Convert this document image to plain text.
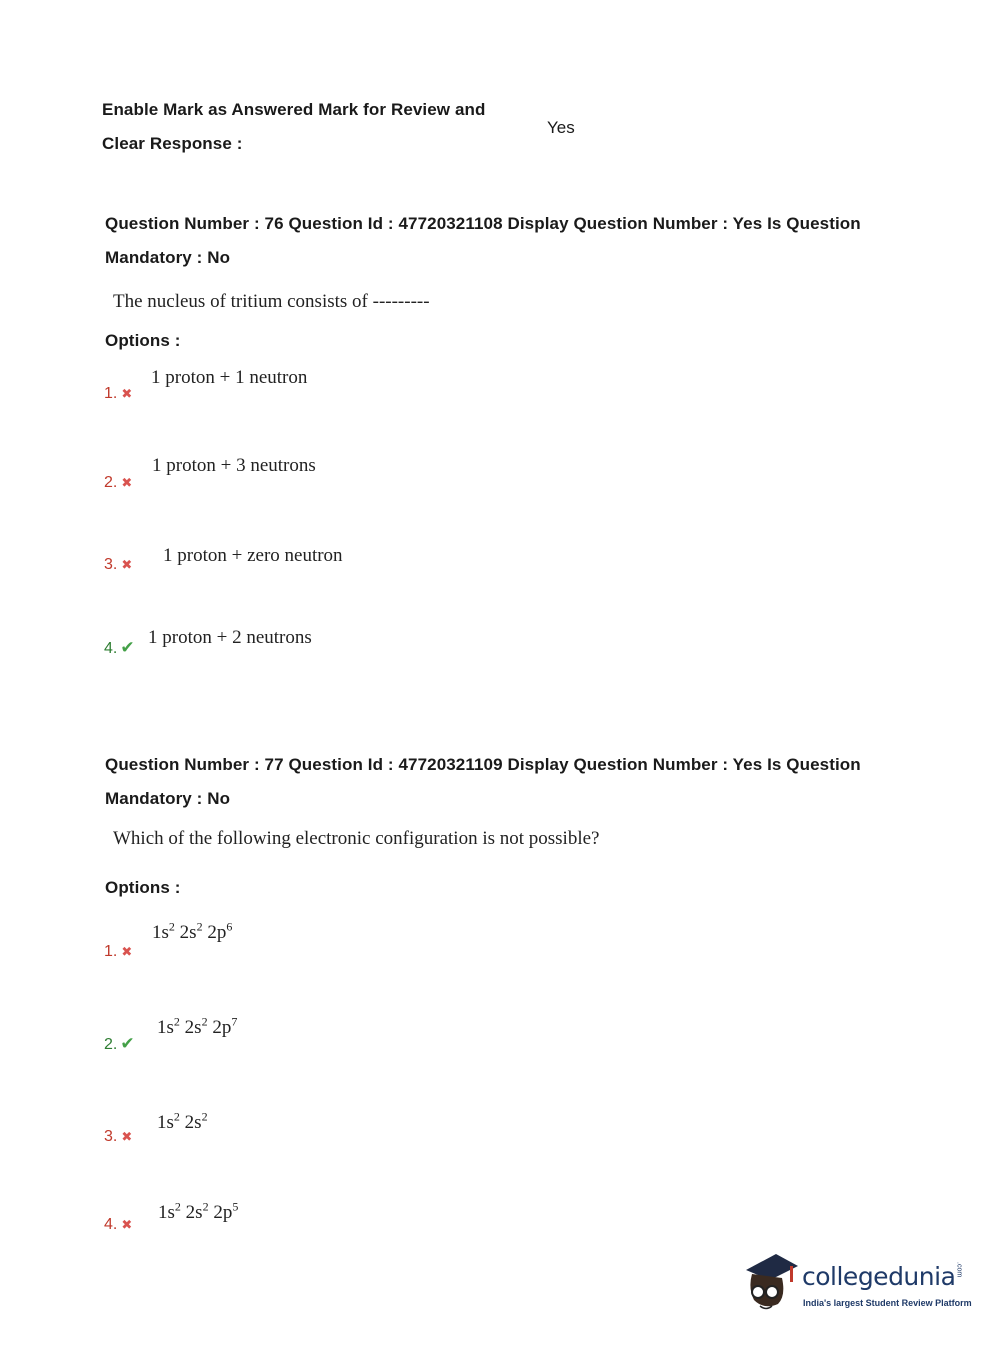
Enable Mark as Answered Mark for Review and
Clear Response :
Yes
Question Number : 76 Question Id : 47720321108 Display Question Number : Yes Is Question
Mandatory : No
The nucleus of tritium consists of ---------
Options :
1. ✖
1 proton + 1 neutron
2. ✖
1 proton + 3 neutrons
3. ✖ 1 proton + zero neutron
4. ✔ 1 proton + 2 neutrons
Question Number : 77 Question Id : 47720321109 Display Question Number : Yes Is Question
Mandatory : No
Which of the following electronic configuration is not possible?
Options :
1. ✖
$1s^2$ $2s^2$ $2p^6$
2. ✔
$1s^2$ $2s^2$ $2p^7$
3. ✖
$1s^2$ $2s^2$
4. ✖
$1s^2$ $2s^2$ $2p^5$
collegedunia.com
India's largest Student Review Platform
